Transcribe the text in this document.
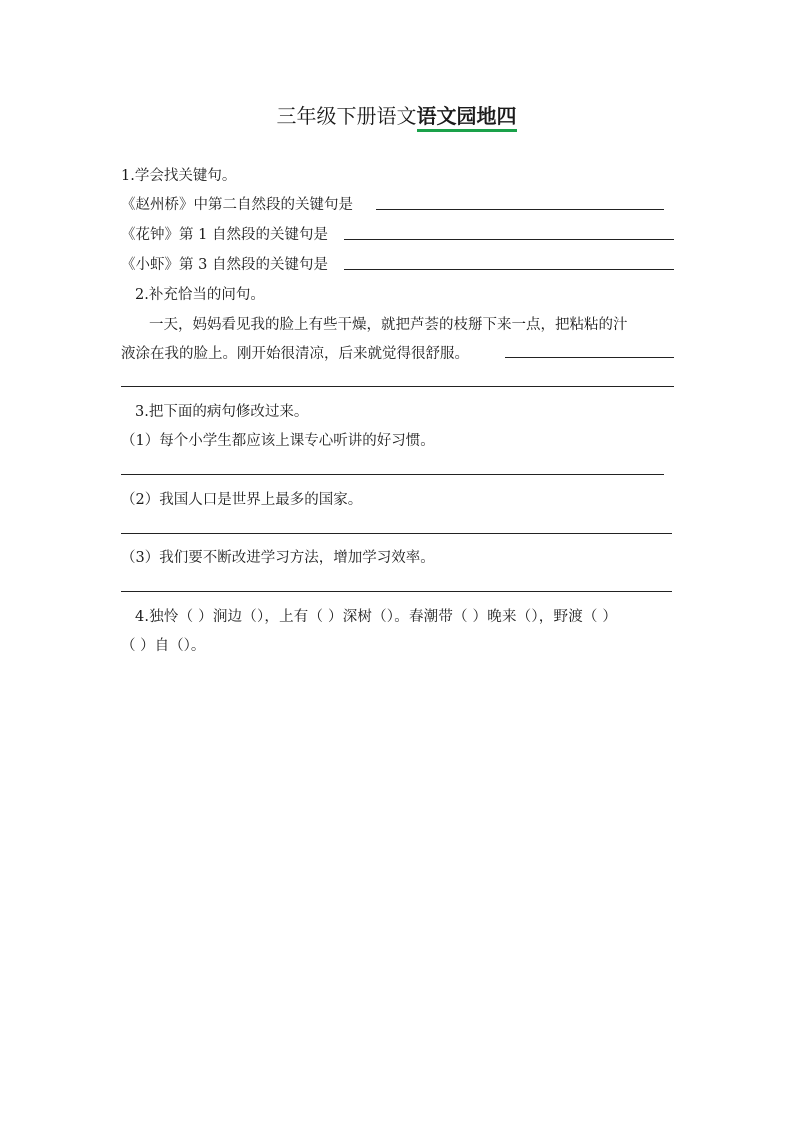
三年级下册语文语文园地四
1.学会找关键句。
《赵州桥》中第二自然段的关键句是
《花钟》第 1 自然段的关键句是
《小虾》第 3 自然段的关键句是
2.补充恰当的问句。
一天，妈妈看见我的脸上有些干燥，就把芦荟的枝掰下来一点，把粘粘的汁
液涂在我的脸上。刚开始很清凉，后来就觉得很舒服。
3.把下面的病句修改过来。
（1）每个小学生都应该上课专心听讲的好习惯。
（2）我国人口是世界上最多的国家。
（3）我们要不断改进学习方法，增加学习效率。
4.独怜（ ）涧边（），上有（ ）深树（）。春潮带（ ）晚来（），野渡（ ）
（ ）自（）。
